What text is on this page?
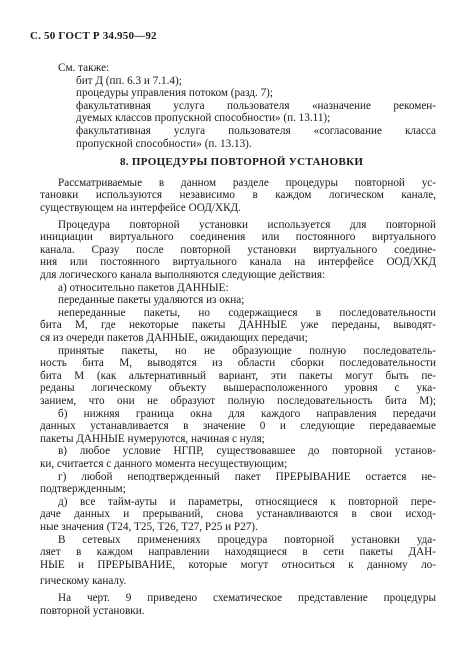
С. 50 ГОСТ Р 34.950—92
См. также:
бит Д (пп. 6.3 и 7.1.4);
процедуры управления потоком (разд. 7);
факультативная услуга пользователя «назначение рекомен-
дуемых классов пропускной способности» (п. 13.11);
факультативная услуга пользователя «согласование класса
пропускной способности» (п. 13.13).
8. ПРОЦЕДУРЫ ПОВТОРНОЙ УСТАНОВКИ
Рассматриваемые в данном разделе процедуры повторной ус-
тановки используются независимо в каждом логическом канале,
существующем на интерфейсе ООД/ХКД.
Процедура повторной установки используется для повторной
инициации виртуального соединения или постоянного виртуального
канала. Сразу после повторной установки виртуального соедине-
ния или постоянного виртуального канала на интерфейсе ООД/ХКД
для логического канала выполняются следующие действия:
а) относительно пакетов ДАННЫЕ:
переданные пакеты удаляются из окна;
непереданные пакеты, но содержащиеся в последовательности
бита М, где некоторые пакеты ДАННЫЕ уже переданы, выводят-
ся из очереди пакетов ДАННЫЕ, ожидающих передачи;
принятые пакеты, но не образующие полную последователь-
ность бита М, выводятся из области сборки последовательности
бита М (как альтернативный вариант, эти пакеты могут быть пе-
реданы логическому объекту вышерасположенного уровня с ука-
занием, что они не образуют полную последовательность бита М);
б) нижняя граница окна для каждого направления передачи
данных устанавливается в значение 0 и следующие передаваемые
пакеты ДАННЫЕ нумеруются, начиная с нуля;
в) любое условие НГПР, существовавшее до повторной установ-
ки, считается с данного момента несуществующим;
г) любой неподтвержденный пакет ПРЕРЫВАНИЕ остается не-
подтвержденным;
д) все тайм-ауты и параметры, относящиеся к повторной пере-
даче данных и прерываний, снова устанавливаются в свои исход-
ные значения (Т24, Т25, Т26, Т27, Р25 и Р27).
В сетевых применениях процедура повторной установки уда-
ляет в каждом направлении находящиеся в сети пакеты ДАН-
НЫЕ и ПРЕРЫВАНИЕ, которые могут относиться к данному ло-
гическому каналу.
На черт. 9 приведено схематическое представление процедуры
повторной установки.
